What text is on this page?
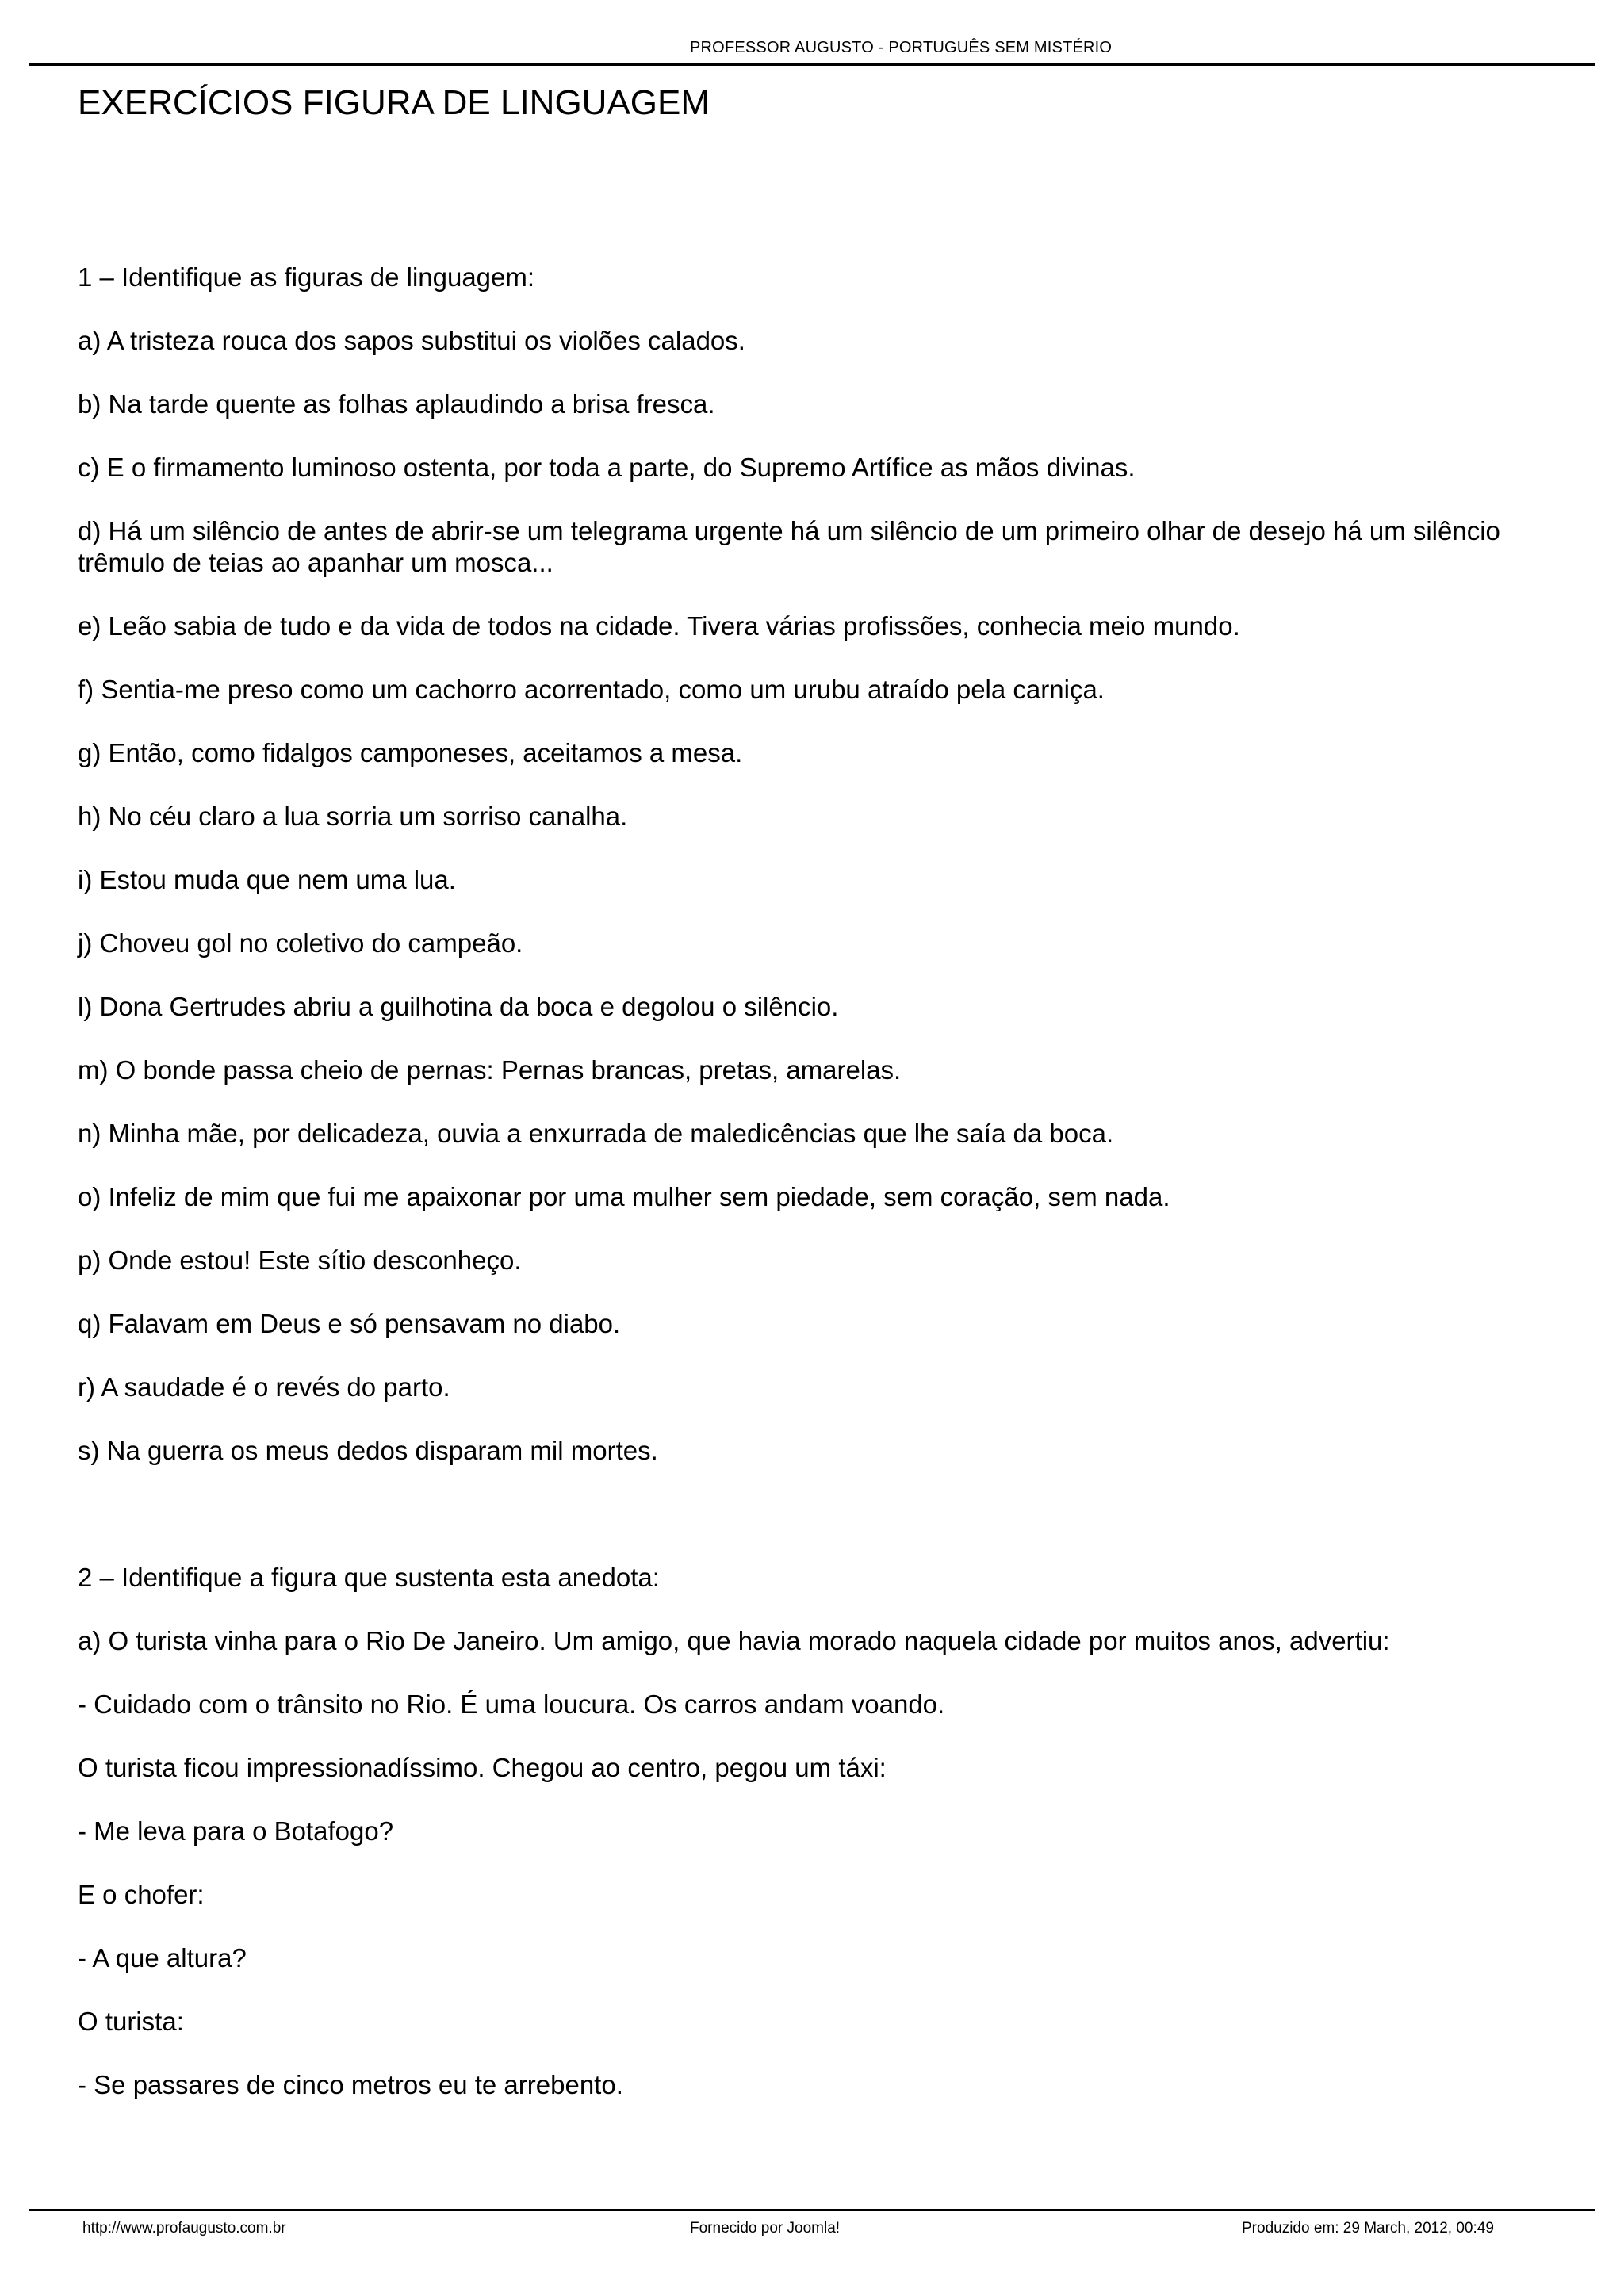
PROFESSOR AUGUSTO - PORTUGUÊS SEM MISTÉRIO
EXERCÍCIOS FIGURA DE LINGUAGEM

1 – Identifique as figuras de linguagem:

a) A tristeza rouca dos sapos substitui os violões calados.

b) Na tarde quente as folhas aplaudindo a brisa fresca.

c) E o firmamento luminoso ostenta, por toda a parte, do Supremo Artífice as mãos divinas.

d) Há um silêncio de antes de abrir-se um telegrama urgente há um silêncio de um primeiro olhar de desejo há um silêncio trêmulo de teias ao apanhar um mosca...

e) Leão sabia de tudo e da vida de todos na cidade. Tivera várias profissões, conhecia meio mundo.

f) Sentia-me preso como um cachorro acorrentado, como um urubu atraído pela carniça.

g) Então, como fidalgos camponeses, aceitamos a mesa.

h) No céu claro a lua sorria um sorriso canalha.

i) Estou muda que nem uma lua.

j) Choveu gol no coletivo do campeão.

l) Dona Gertrudes abriu a guilhotina da boca e degolou o silêncio.

m) O bonde passa cheio de pernas: Pernas brancas, pretas, amarelas.

n) Minha mãe, por delicadeza, ouvia a enxurrada de maledicências que lhe saía da boca.

o) Infeliz de mim que fui me apaixonar por uma mulher sem piedade, sem coração, sem nada.

p) Onde estou! Este sítio desconheço.

q) Falavam em Deus e só pensavam no diabo.

r) A saudade é o revés do parto.

s) Na guerra os meus dedos disparam mil mortes.

2 – Identifique a figura que sustenta esta anedota:

a) O turista vinha para o Rio De Janeiro. Um amigo, que havia morado naquela cidade por muitos anos, advertiu:

- Cuidado com o trânsito no Rio. É uma loucura. Os carros andam voando.

O turista ficou impressionadíssimo. Chegou ao centro, pegou um táxi:

- Me leva para o Botafogo?

E o chofer:

- A que altura?

O turista:

- Se passares de cinco metros eu te arrebento.

http://www.profaugusto.com.br	Fornecido por Joomla!	Produzido em: 29 March, 2012, 00:49
